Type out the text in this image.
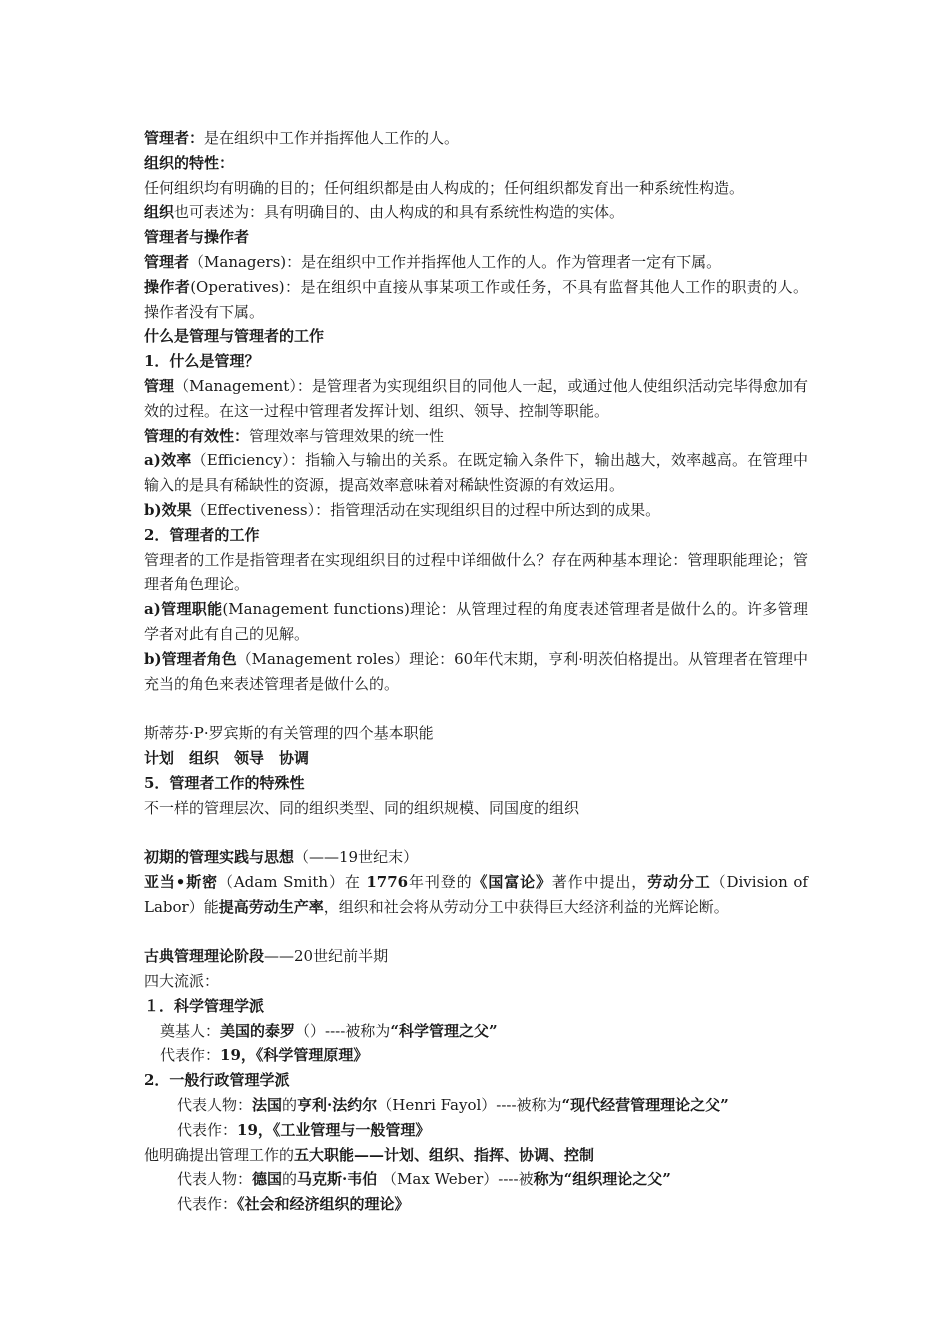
管理者：是在组织中工作并指挥他人工作的人。
组织的特性：
任何组织均有明确的目的；任何组织都是由人构成的；任何组织都发育出一种系统性构造。
组织也可表述为：具有明确目的、由人构成的和具有系统性构造的实体。
管理者与操作者
管理者（Managers)：是在组织中工作并指挥他人工作的人。作为管理者一定有下属。
操作者(Operatives)：是在组织中直接从事某项工作或任务，不具有监督其他人工作的职责的人。操作者没有下属。
什么是管理与管理者的工作
1．什么是管理？
管理（Management）：是管理者为实现组织目的同他人一起，或通过他人使组织活动完毕得愈加有效的过程。在这一过程中管理者发挥计划、组织、领导、控制等职能。
管理的有效性：管理效率与管理效果的统一性
a)效率（Efficiency）：指输入与输出的关系。在既定输入条件下，输出越大，效率越高。在管理中输入的是具有稀缺性的资源，提高效率意味着对稀缺性资源的有效运用。
b)效果（Effectiveness）：指管理活动在实现组织目的过程中所达到的成果。
2．管理者的工作
管理者的工作是指管理者在实现组织目的过程中详细做什么？存在两种基本理论：管理职能理论；管理者角色理论。
a)管理职能(Management functions)理论：从管理过程的角度表述管理者是做什么的。许多管理学者对此有自己的见解。
b)管理者角色（Management roles）理论：60年代末期，亨利·明茨伯格提出。从管理者在管理中充当的角色来表述管理者是做什么的。
斯蒂芬·P·罗宾斯的有关管理的四个基本职能
计划　组织　领导　协调
5．管理者工作的特殊性
不一样的管理层次、同的组织类型、同的组织规模、同国度的组织
初期的管理实践与思想（——19世纪末）
亚当•斯密（Adam Smith）在 1776年刊登的《国富论》著作中提出，劳动分工（Division of Labor）能提高劳动生产率，组织和社会将从劳动分工中获得巨大经济利益的光辉论断。
古典管理理论阶段——20世纪前半期
四大流派：
１．科学管理学派
奠基人：美国的泰罗（）----被称为“科学管理之父”
代表作：19，《科学管理原理》
2．一般行政管理学派
代表人物：法国的亨利·法约尔（Henri Fayol）----被称为“现代经营管理理论之父”
代表作：19，《工业管理与一般管理》
他明确提出管理工作的五大职能——计划、组织、指挥、协调、控制
代表人物：德国的马克斯·韦伯 （Max Weber）----被称为“组织理论之父”
代表作：《社会和经济组织的理论》
